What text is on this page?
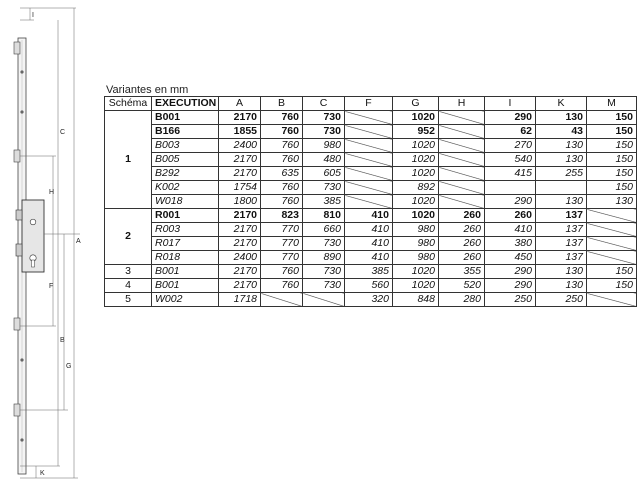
I
C
H
F
B
G
A
K
Variantes en mm
Schéma	EXECUTION	A	B	C	F	G	H	I	K	M
1	B001	2170	760	730		1020		290	130	150
	B166	1855	760	730		952		62	43	150
	B003	2400	760	980		1020		270	130	150
	B005	2170	760	480		1020		540	130	150
	B292	2170	635	605		1020		415	255	150
	K002	1754	760	730		892				150
	W018	1800	760	385		1020		290	130	130
2	R001	2170	823	810	410	1020	260	260	137	
	R003	2170	770	660	410	980	260	410	137	
	R017	2170	770	730	410	980	260	380	137	
	R018	2400	770	890	410	980	260	450	137	
3	B001	2170	760	730	385	1020	355	290	130	150
4	B001	2170	760	730	560	1020	520	290	130	150
5	W002	1718			320	848	280	250	250	
